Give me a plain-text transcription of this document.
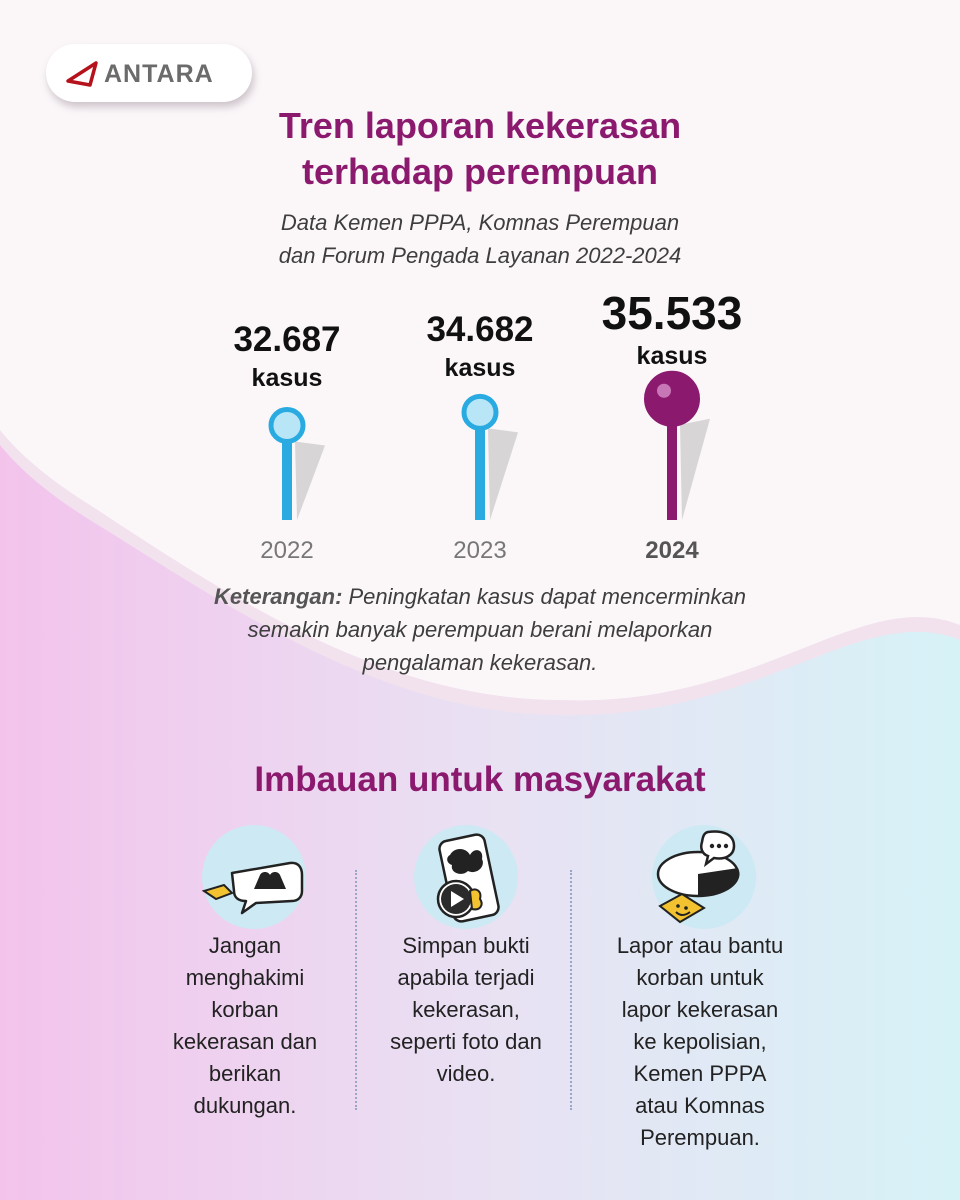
ANTARA
Tren laporan kekerasan
terhadap perempuan
Data Kemen PPPA, Komnas Perempuan
dan Forum Pengada Layanan 2022-2024
32.687
kasus
2022
34.682
kasus
2023
35.533
kasus
2024
Keterangan: Peningkatan kasus dapat mencerminkan
semakin banyak perempuan berani melaporkan
pengalaman kekerasan.
Imbauan untuk masyarakat
Jangan
menghakimi
korban
kekerasan dan
berikan
dukungan.
Simpan bukti
apabila terjadi
kekerasan,
seperti foto dan
video.
Lapor atau bantu
korban untuk
lapor kekerasan
ke kepolisian,
Kemen PPPA
atau Komnas
Perempuan.
